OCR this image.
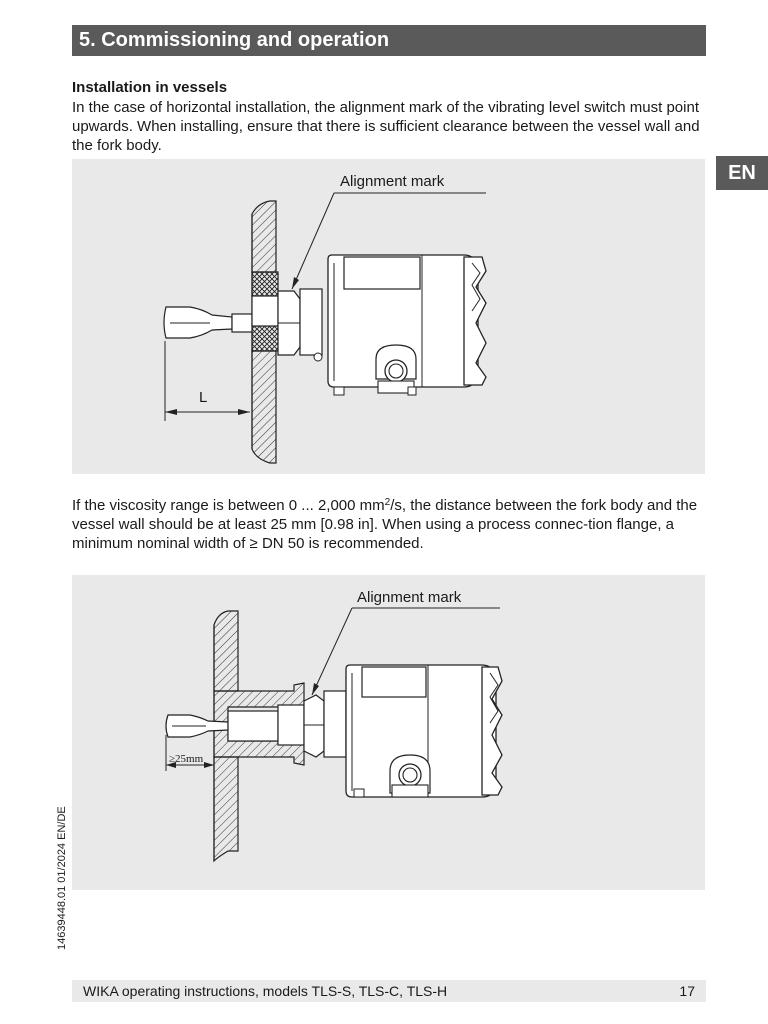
5. Commissioning and operation
EN
Installation in vessels
In the case of horizontal installation, the alignment mark of the vibrating level switch must point upwards. When installing, ensure that there is sufficient clearance between the vessel wall and the fork body.
Alignment mark
L
If the viscosity range is between 0 ... 2,000 $mm^2/s$, the distance between the fork body and the vessel wall should be at least 25 mm [0.98 in]. When using a process connec-tion flange, a minimum nominal width of ≥ DN 50 is recommended.
Alignment mark
≥25mm
14639448.01 01/2024 EN/DE
WIKA operating instructions, models TLS-S, TLS-C, TLS-H	17
